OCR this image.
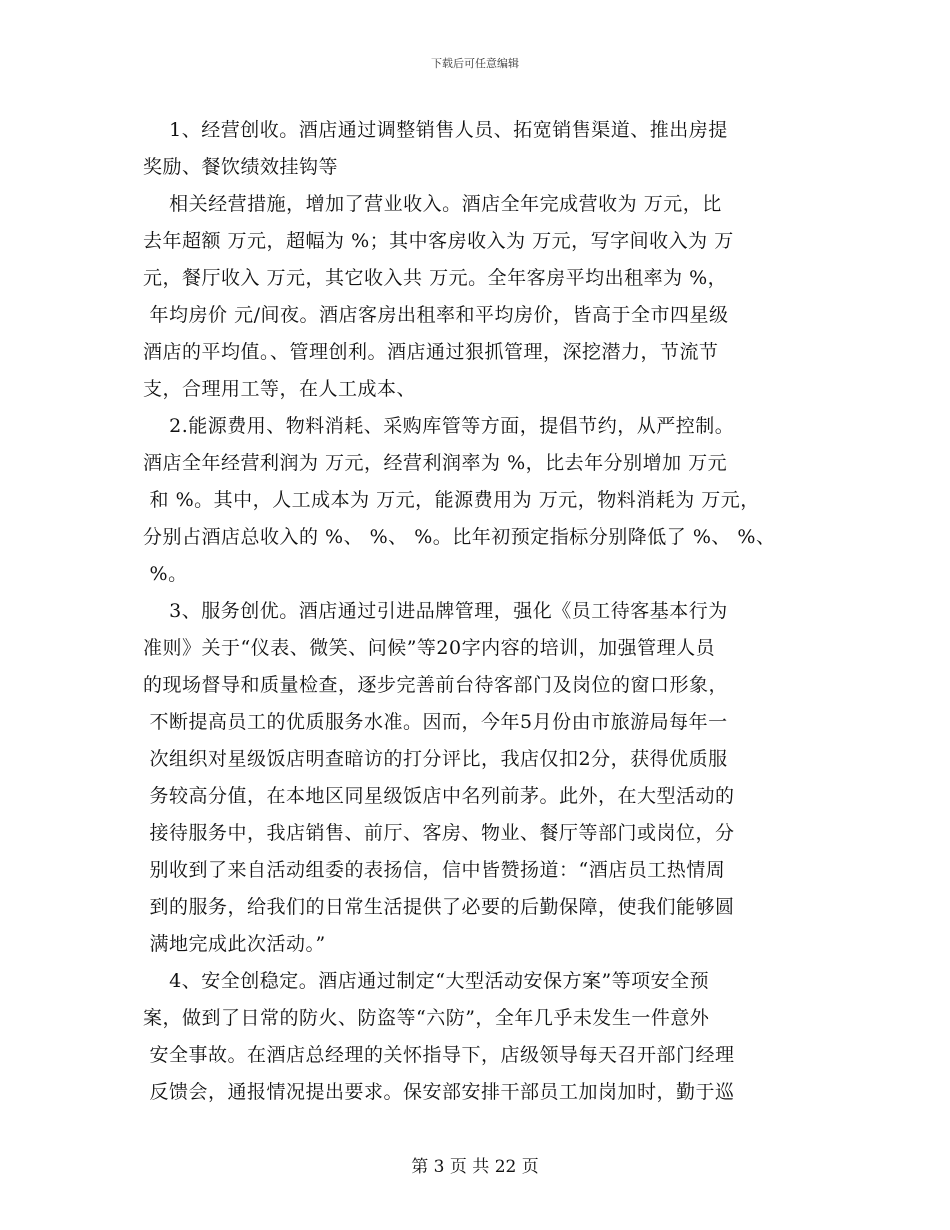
下载后可任意编辑
1、经营创收。酒店通过调整销售人员、拓宽销售渠道、推出房提
奖励、餐饮绩效挂钩等
相关经营措施，增加了营业收入。酒店全年完成营收为 万元，比
去年超额 万元，超幅为 %；其中客房收入为 万元，写字间收入为 万
元，餐厅收入 万元，其它收入共 万元。全年客房平均出租率为 %，
年均房价 元/间夜。酒店客房出租率和平均房价，皆高于全市四星级
酒店的平均值。、管理创利。酒店通过狠抓管理，深挖潜力，节流节
支，合理用工等，在人工成本、
2.能源费用、物料消耗、采购库管等方面，提倡节约，从严控制。
酒店全年经营利润为 万元，经营利润率为 %，比去年分别增加 万元
和 %。其中，人工成本为 万元，能源费用为 万元，物料消耗为 万元，
分别占酒店总收入的 %、 %、 %。比年初预定指标分别降低了 %、 %、
%。
3、服务创优。酒店通过引进品牌管理，强化《员工待客基本行为
准则》关于“仪表、微笑、问候”等20字内容的培训，加强管理人员
的现场督导和质量检查，逐步完善前台待客部门及岗位的窗口形象，
不断提高员工的优质服务水准。因而，今年5月份由市旅游局每年一
次组织对星级饭店明查暗访的打分评比，我店仅扣2分，获得优质服
务较高分值，在本地区同星级饭店中名列前茅。此外，在大型活动的
接待服务中，我店销售、前厅、客房、物业、餐厅等部门或岗位，分
别收到了来自活动组委的表扬信，信中皆赞扬道：“酒店员工热情周
到的服务，给我们的日常生活提供了必要的后勤保障，使我们能够圆
满地完成此次活动。”
4、安全创稳定。酒店通过制定“大型活动安保方案”等项安全预
案，做到了日常的防火、防盗等“六防”，全年几乎未发生一件意外
安全事故。在酒店总经理的关怀指导下，店级领导每天召开部门经理
反馈会，通报情况提出要求。保安部安排干部员工加岗加时，勤于巡
第 3 页 共 22 页
